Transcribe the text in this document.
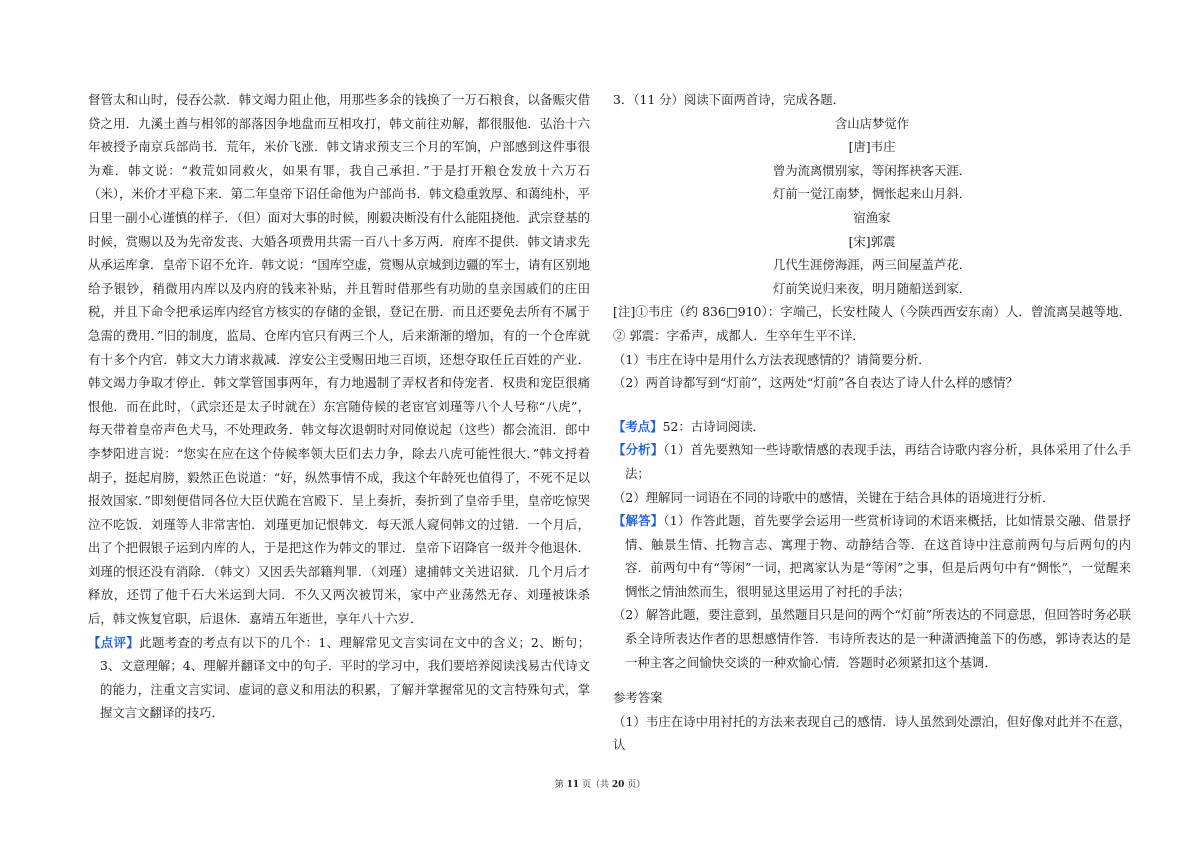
督管太和山时，侵吞公款．韩文竭力阻止他，用那些多余的钱换了一万石粮食，以备赈灾借贷之用．九溪土酋与相邻的部落因争地盘而互相攻打，韩文前往劝解，都很服他．弘治十六年被授予南京兵部尚书．荒年，米价飞涨．韩文请求预支三个月的军饷，户部感到这件事很为难．韩文说：“救荒如同救火，如果有罪，我自己承担．”于是打开粮仓发放十六万石（米），米价才平稳下来．第二年皇帝下诏任命他为户部尚书．韩文稳重敦厚、和蔼纯朴，平日里一副小心谨慎的样子．（但）面对大事的时候，刚毅决断没有什么能阻挠他．武宗登基的时候，赏赐以及为先帝发丧、大婚各项费用共需一百八十多万两．府库不提供．韩文请求先从承运库拿．皇帝下诏不允许．韩文说：“国库空虚，赏赐从京城到边疆的军士，请有区别地给予银钞，稍微用内库以及内府的钱来补贴，并且暂时借那些有功勋的皇亲国戚们的庄田税，并且下命令把承运库内经官方核实的存储的金银，登记在册．而且还要免去所有不属于急需的费用．”旧的制度，监局、仓库内官只有两三个人，后来渐渐的增加，有的一个仓库就有十多个内官．韩文大力请求裁减．淳安公主受赐田地三百顷，还想夺取任丘百姓的产业．韩文竭力争取才停止．韩文掌管国事两年，有力地遏制了弄权者和侍宠者．权贵和宠臣很痛恨他．而在此时，（武宗还是太子时就在）东宫随侍候的老宦官刘瑾等八个人号称“八虎”，每天带着皇帝声色犬马，不处理政务．韩文每次退朝时对同僚说起（这些）都会流泪．郎中李梦阳进言说：“您实在应在这个侍候率领大臣们去力争，除去八虎可能性很大．”韩文捋着胡子，挺起肩膀，毅然正色说道：“好，纵然事情不成，我这个年龄死也值得了，不死不足以报效国家．”即刻便借同各位大臣伏跪在宫殿下．呈上奏折，奏折到了皇帝手里，皇帝吃惊哭泣不吃饭．刘瑾等人非常害怕．刘瑾更加记恨韩文．每天派人窥伺韩文的过错．一个月后，出了个把假银子运到内库的人，于是把这作为韩文的罪过．皇帝下诏降官一级并令他退休．刘瑾的恨还没有消除．（韩文）又因丢失部籍判罪．（刘瑾）逮捕韩文关进诏狱．几个月后才释放，还罚了他千石大米运到大同．不久又两次被罚米，家中产业荡然无存、刘瑾被诛杀后，韩文恢复官职，后退休．嘉靖五年逝世，享年八十六岁．

【点评】此题考查的考点有以下的几个：1、理解常见文言实词在文中的含义；2、断句；3、文意理解；4、理解并翻译文中的句子．平时的学习中，我们要培养阅读浅易古代诗文的能力，注重文言实词、虚词的意义和用法的积累，了解并掌握常见的文言特殊句式，掌握文言文翻译的技巧．

3．（11 分）阅读下面两首诗，完成各题．

含山店梦觉作

[唐]韦庄

曾为流离惯别家，等闲挥袂客天涯．

灯前一觉江南梦，惆怅起来山月斜．

宿渔家

[宋]郭震

几代生涯傍海涯，两三间屋盖芦花．

灯前笑说归来夜，明月随船送到家．

[注]①韦庄（约 836□910）：字端己，长安杜陵人（今陕西西安东南）人．曾流离吴越等地．② 郭震：字希声，成都人．生卒年生平不详．

（1）韦庄在诗中是用什么方法表现感情的？请简要分析．

（2）两首诗都写到“灯前”，这两处“灯前”各自表达了诗人什么样的感情？

【考点】52：古诗词阅读．

【分析】（1）首先要熟知一些诗歌情感的表现手法，再结合诗歌内容分析，具体采用了什么手法；

（2）理解同一词语在不同的诗歌中的感情，关键在于结合具体的语境进行分析．

【解答】（1）作答此题，首先要学会运用一些赏析诗词的术语来概括，比如情景交融、借景抒情、触景生情、托物言志、寓理于物、动静结合等．在这首诗中注意前两句与后两句的内容．前两句中有“等闲”一词，把离家认为是“等闲”之事，但是后两句中有“惆怅”，一觉醒来惆怅之情油然而生，很明显这里运用了衬托的手法；

（2）解答此题，要注意到，虽然题目只是问的两个“灯前”所表达的不同意思，但回答时务必联系全诗所表达作者的思想感情作答．韦诗所表达的是一种潇洒掩盖下的伤感，郭诗表达的是一种主客之间愉快交谈的一种欢愉心情．答题时必须紧扣这个基调．

参考答案

（1）韦庄在诗中用衬托的方法来表现自己的感情．诗人虽然到处漂泊，但好像对此并不在意，认

第 11 页（共 20 页）
